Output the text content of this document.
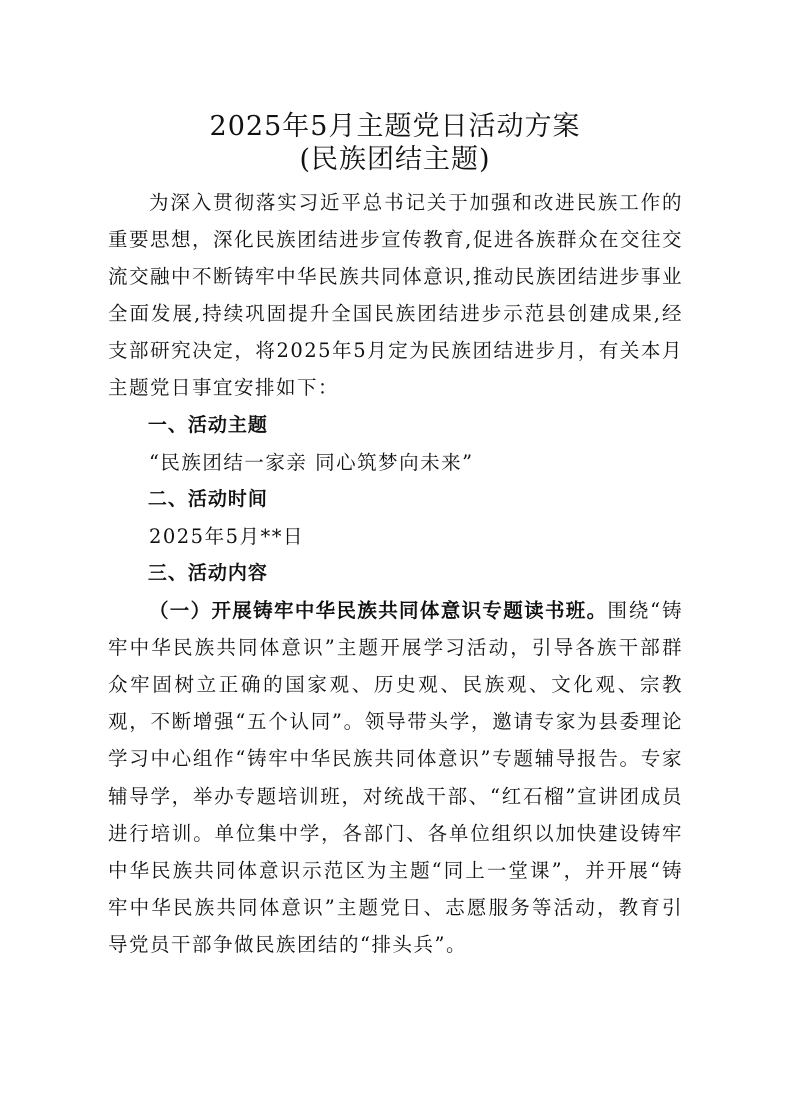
2025年5月主题党日活动方案
(民族团结主题)

为深入贯彻落实习近平总书记关于加强和改进民族工作的重要思想，深化民族团结进步宣传教育,促进各族群众在交往交流交融中不断铸牢中华民族共同体意识,推动民族团结进步事业全面发展,持续巩固提升全国民族团结进步示范县创建成果,经支部研究决定，将2025年5月定为民族团结进步月，有关本月主题党日事宜安排如下：

一、活动主题

“民族团结一家亲 同心筑梦向未来”

二、活动时间

2025年5月**日

三、活动内容

（一）开展铸牢中华民族共同体意识专题读书班。围绕“铸牢中华民族共同体意识”主题开展学习活动，引导各族干部群众牢固树立正确的国家观、历史观、民族观、文化观、宗教观，不断增强“五个认同”。领导带头学，邀请专家为县委理论学习中心组作“铸牢中华民族共同体意识”专题辅导报告。专家辅导学，举办专题培训班，对统战干部、“红石榴”宣讲团成员进行培训。单位集中学，各部门、各单位组织以加快建设铸牢中华民族共同体意识示范区为主题“同上一堂课”，并开展“铸牢中华民族共同体意识”主题党日、志愿服务等活动，教育引导党员干部争做民族团结的“排头兵”。
